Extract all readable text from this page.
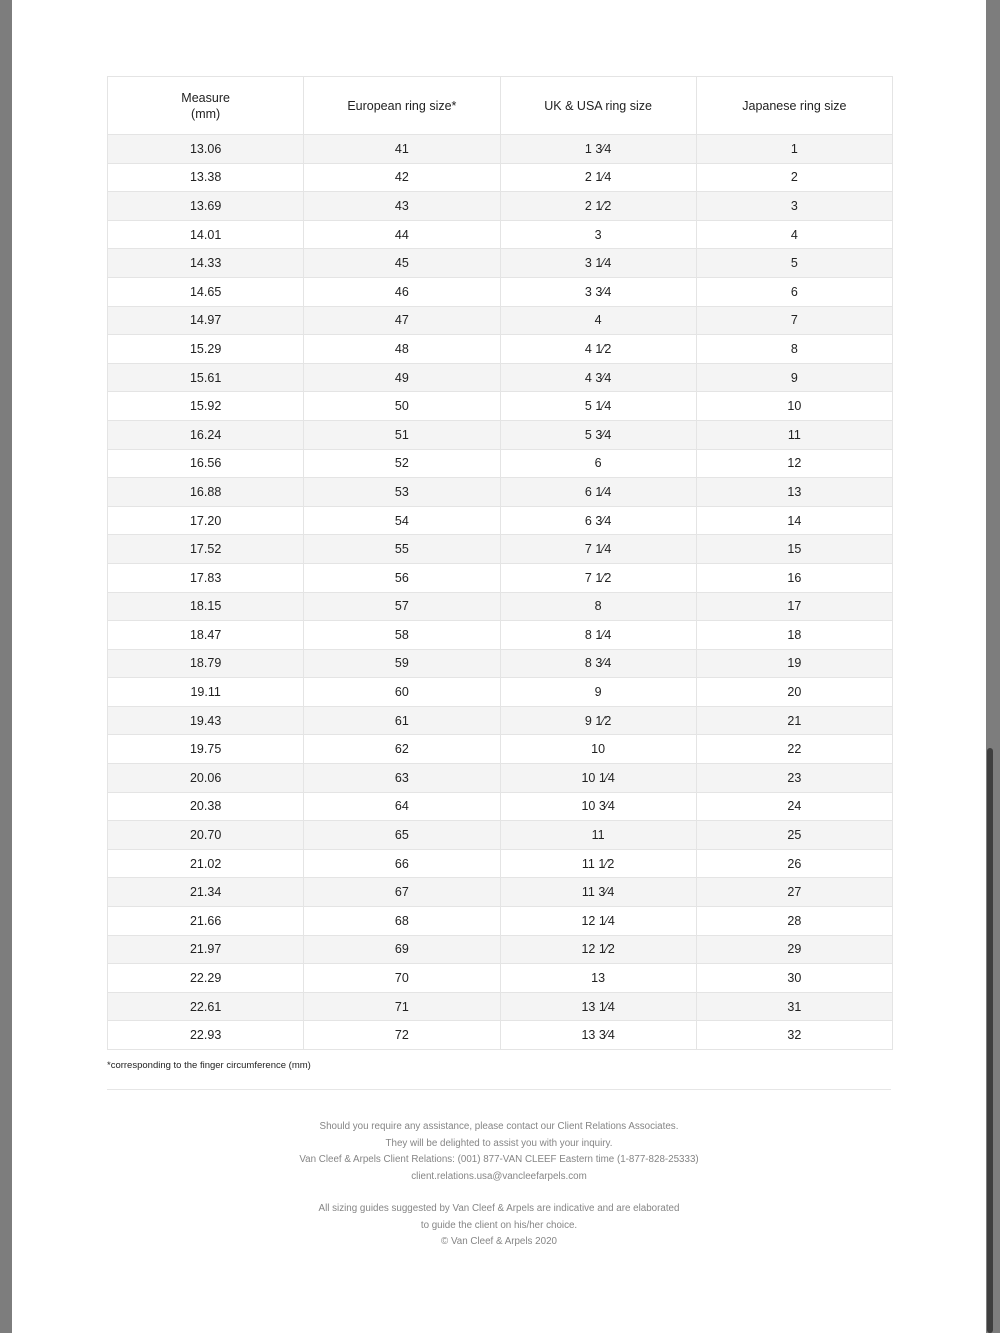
Measure
(mm)	European ring size*	UK & USA ring size	Japanese ring size
13.06	41	1 3⁄4	1
13.38	42	2 1⁄4	2
13.69	43	2 1⁄2	3
14.01	44	3	4
14.33	45	3 1⁄4	5
14.65	46	3 3⁄4	6
14.97	47	4	7
15.29	48	4 1⁄2	8
15.61	49	4 3⁄4	9
15.92	50	5 1⁄4	10
16.24	51	5 3⁄4	11
16.56	52	6	12
16.88	53	6 1⁄4	13
17.20	54	6 3⁄4	14
17.52	55	7 1⁄4	15
17.83	56	7 1⁄2	16
18.15	57	8	17
18.47	58	8 1⁄4	18
18.79	59	8 3⁄4	19
19.11	60	9	20
19.43	61	9 1⁄2	21
19.75	62	10	22
20.06	63	10 1⁄4	23
20.38	64	10 3⁄4	24
20.70	65	11	25
21.02	66	11 1⁄2	26
21.34	67	11 3⁄4	27
21.66	68	12 1⁄4	28
21.97	69	12 1⁄2	29
22.29	70	13	30
22.61	71	13 1⁄4	31
22.93	72	13 3⁄4	32
*corresponding to the finger circumference (mm)
Should you require any assistance, please contact our Client Relations Associates.
They will be delighted to assist you with your inquiry.
Van Cleef & Arpels Client Relations: (001) 877-VAN CLEEF Eastern time (1-877-828-25333)
client.relations.usa@vancleefarpels.com
All sizing guides suggested by Van Cleef & Arpels are indicative and are elaborated
to guide the client on his/her choice.
© Van Cleef & Arpels 2020
